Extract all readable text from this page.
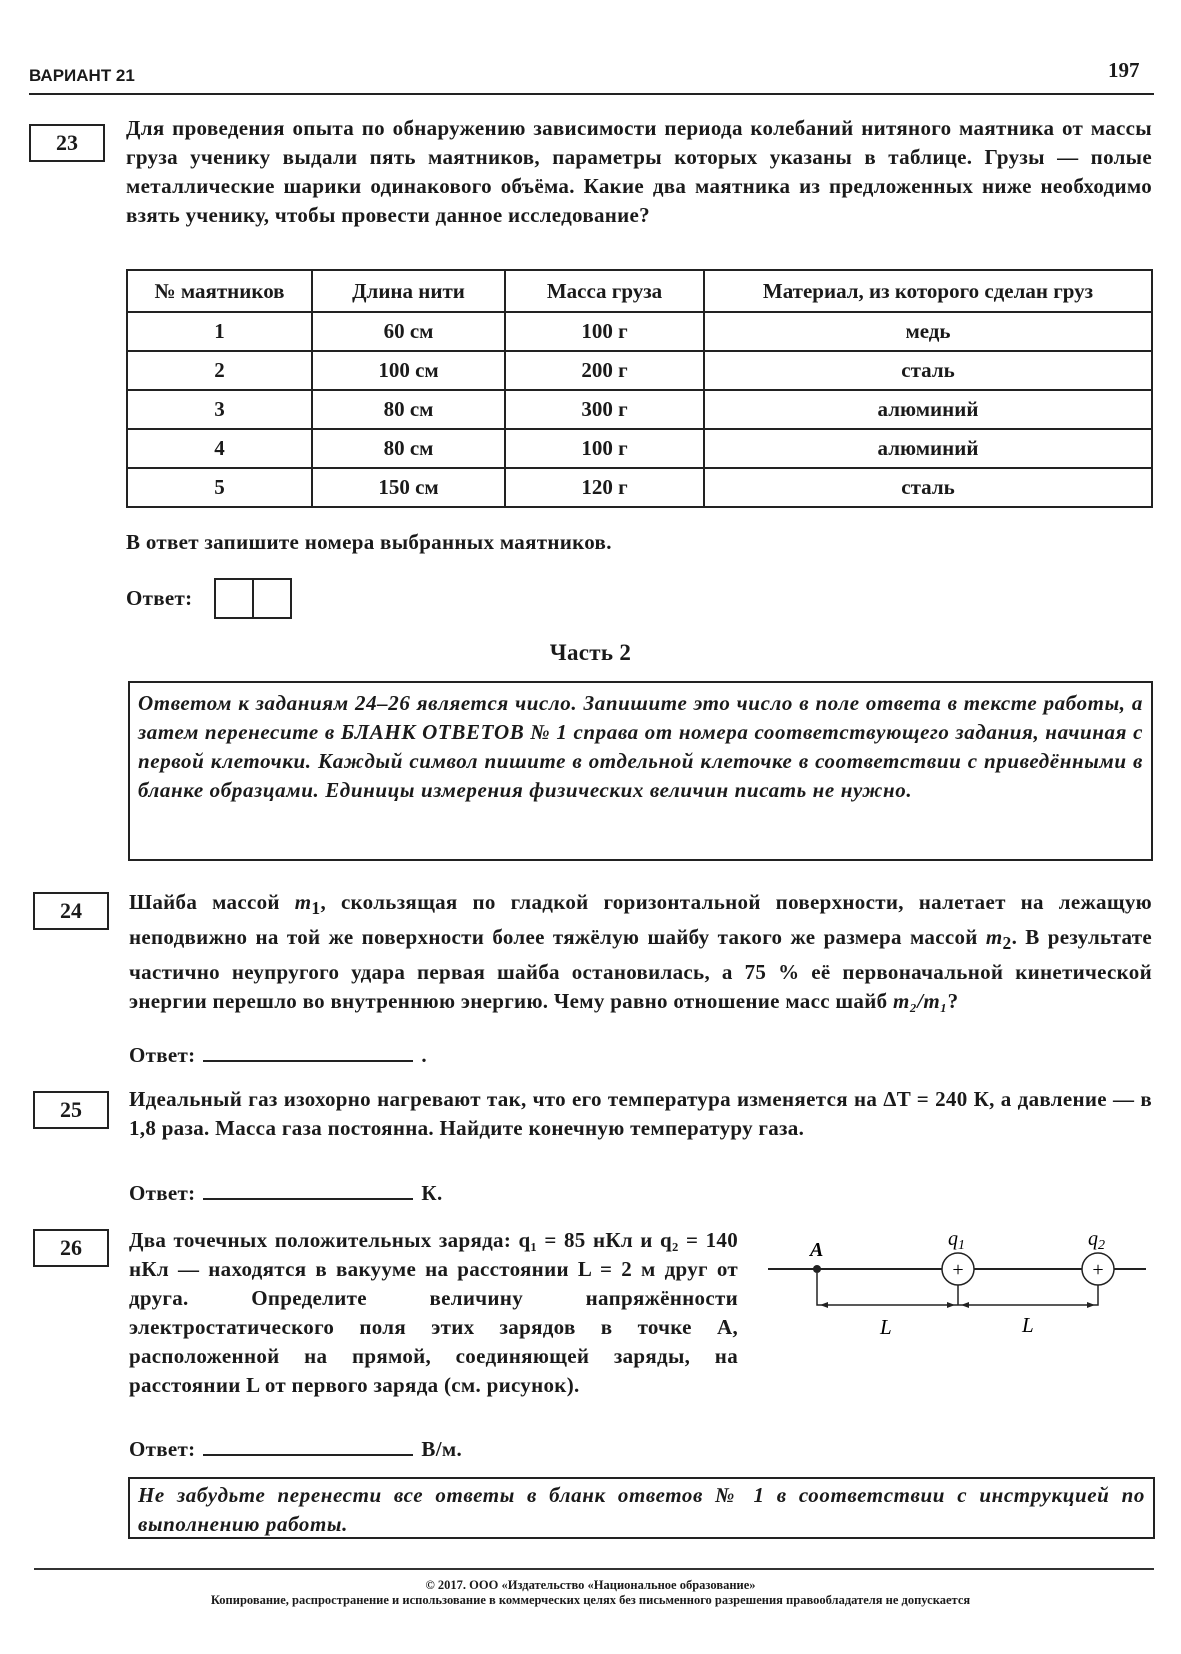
ВАРИАНТ 21	197
23
Для проведения опыта по обнаружению зависимости периода колебаний нитяного маятника от массы груза ученику выдали пять маятников, параметры которых указаны в таблице. Грузы — полые металлические шарики одинакового объёма. Какие два маятника из предложенных ниже необходимо взять ученику, чтобы провести данное исследование?
№ маятников	Длина нити	Масса груза	Материал, из которого сделан груз
1	60 см	100 г	медь
2	100 см	200 г	сталь
3	80 см	300 г	алюминий
4	80 см	100 г	алюминий
5	150 см	120 г	сталь
В ответ запишите номера выбранных маятников.
Ответ:
Часть 2
Ответом к заданиям 24–26 является число. Запишите это число в поле ответа в тексте работы, а затем перенесите в БЛАНК ОТВЕТОВ № 1 справа от номера соответствующего задания, начиная с первой клеточки. Каждый символ пишите в отдельной клеточке в соответствии с приведёнными в бланке образцами. Единицы измерения физических величин писать не нужно.
24	Шайба массой $m_1$, скользящая по гладкой горизонтальной поверхности, налетает на лежащую неподвижно на той же поверхности более тяжёлую шайбу такого же размера массой $m_2$. В результате частично неупругого удара первая шайба остановилась, а 75 % её первоначальной кинетической энергии перешло во внутреннюю энергию. Чему равно отношение масс шайб m₂/m₁?
Ответ:	.
25	Идеальный газ изохорно нагревают так, что его температура изменяется на ΔT = 240 К, а давление — в 1,8 раза. Масса газа постоянна. Найдите конечную температуру газа.
Ответ:	К.
26	Два точечных положительных заряда: q₁ = 85 нКл и q₂ = 140 нКл — находятся в вакууме на расстоянии L = 2 м друг от друга. Определите величину напряжённости электростатического поля этих зарядов в точке A, расположенной на прямой, соединяющей заряды, на расстоянии L от первого заряда (см. рисунок).
Ответ:	В/м.
A
+	+
$q_1$	$q_2$
L	L
Не забудьте перенести все ответы в бланк ответов № 1 в соответствии с инструкцией по выполнению работы.
© 2017. ООО «Издательство «Национальное образование»
Копирование, распространение и использование в коммерческих целях без письменного разрешения правообладателя не допускается
